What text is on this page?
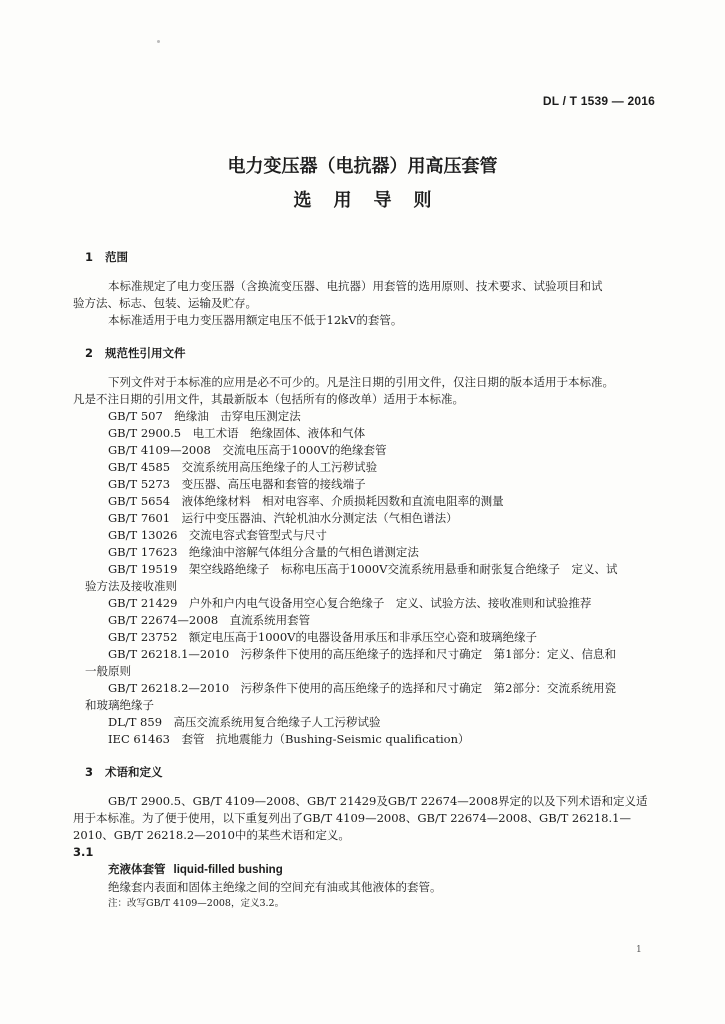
DL / T 1539 — 2016
电力变压器（电抗器）用高压套管
选用导则

1 范围

本标准规定了电力变压器（含换流变压器、电抗器）用套管的选用原则、技术要求、试验项目和试

验方法、标志、包装、运输及贮存。

本标准适用于电力变压器用额定电压不低于12kV的套管。

2 规范性引用文件

下列文件对于本标准的应用是必不可少的。凡是注日期的引用文件，仅注日期的版本适用于本标准。

凡是不注日期的引用文件，其最新版本（包括所有的修改单）适用于本标准。

GB/T 507　绝缘油　击穿电压测定法
GB/T 2900.5　电工术语　绝缘固体、液体和气体
GB/T 4109—2008　交流电压高于1000V的绝缘套管
GB/T 4585　交流系统用高压绝缘子的人工污秽试验
GB/T 5273　变压器、高压电器和套管的接线端子
GB/T 5654　液体绝缘材料　相对电容率、介质损耗因数和直流电阻率的测量
GB/T 7601　运行中变压器油、汽轮机油水分测定法（气相色谱法）
GB/T 13026　交流电容式套管型式与尺寸
GB/T 17623　绝缘油中溶解气体组分含量的气相色谱测定法
GB/T 19519　架空线路绝缘子　标称电压高于1000V交流系统用悬垂和耐张复合绝缘子　定义、试
验方法及接收准则
GB/T 21429　户外和户内电气设备用空心复合绝缘子　定义、试验方法、接收准则和试验推荐
GB/T 22674—2008　直流系统用套管
GB/T 23752　额定电压高于1000V的电器设备用承压和非承压空心瓷和玻璃绝缘子
GB/T 26218.1—2010　污秽条件下使用的高压绝缘子的选择和尺寸确定　第1部分：定义、信息和
一般原则
GB/T 26218.2—2010　污秽条件下使用的高压绝缘子的选择和尺寸确定　第2部分：交流系统用瓷
和玻璃绝缘子
DL/T 859　高压交流系统用复合绝缘子人工污秽试验
IEC 61463　套管　抗地震能力（Bushing-Seismic qualification）

3 术语和定义

GB/T 2900.5、GB/T 4109—2008、GB/T 21429及GB/T 22674—2008界定的以及下列术语和定义适

用于本标准。为了便于使用，以下重复列出了GB/T 4109—2008、GB/T 22674—2008、GB/T 26218.1—

2010、GB/T 26218.2—2010中的某些术语和定义。

3.1

充液体套管 liquid-filled bushing

绝缘套内表面和固体主绝缘之间的空间充有油或其他液体的套管。

注：改写GB/T 4109—2008，定义3.2。

1
